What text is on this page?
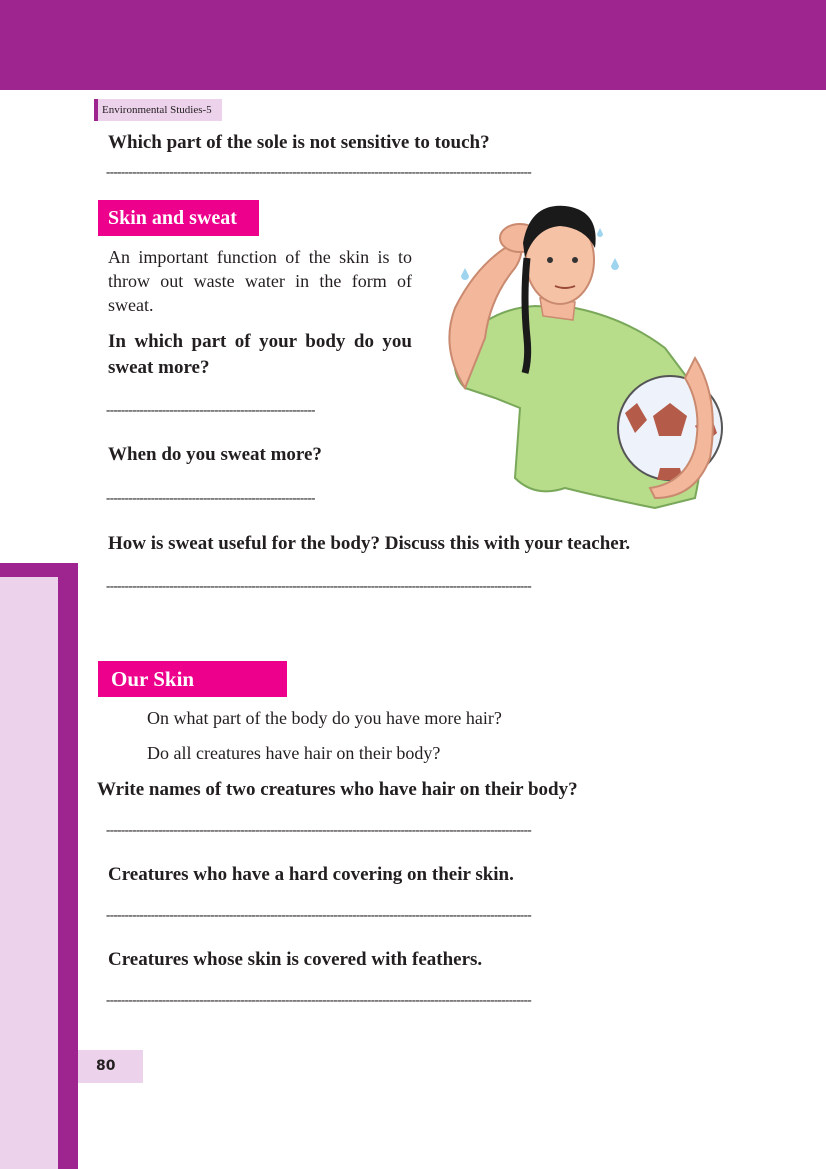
Environmental Studies-5
Which part of the sole is not sensitive to touch?
------------------------------------------------------------------------------------------------------------------
Skin and sweat
An important function of the skin is to throw out waste water in the form of sweat.
In which part of your body do you sweat more?
--------------------------------------------------------
When do you sweat more?
--------------------------------------------------------
How is sweat useful for the body? Discuss this with your teacher.
------------------------------------------------------------------------------------------------------------------
Our Skin
On what part of the body do you have more hair?
Do all creatures have hair on their body?
Write names of two creatures who have hair on their body?
------------------------------------------------------------------------------------------------------------------
Creatures who have a hard covering on their skin.
------------------------------------------------------------------------------------------------------------------
Creatures whose skin is covered with feathers.
------------------------------------------------------------------------------------------------------------------
80
